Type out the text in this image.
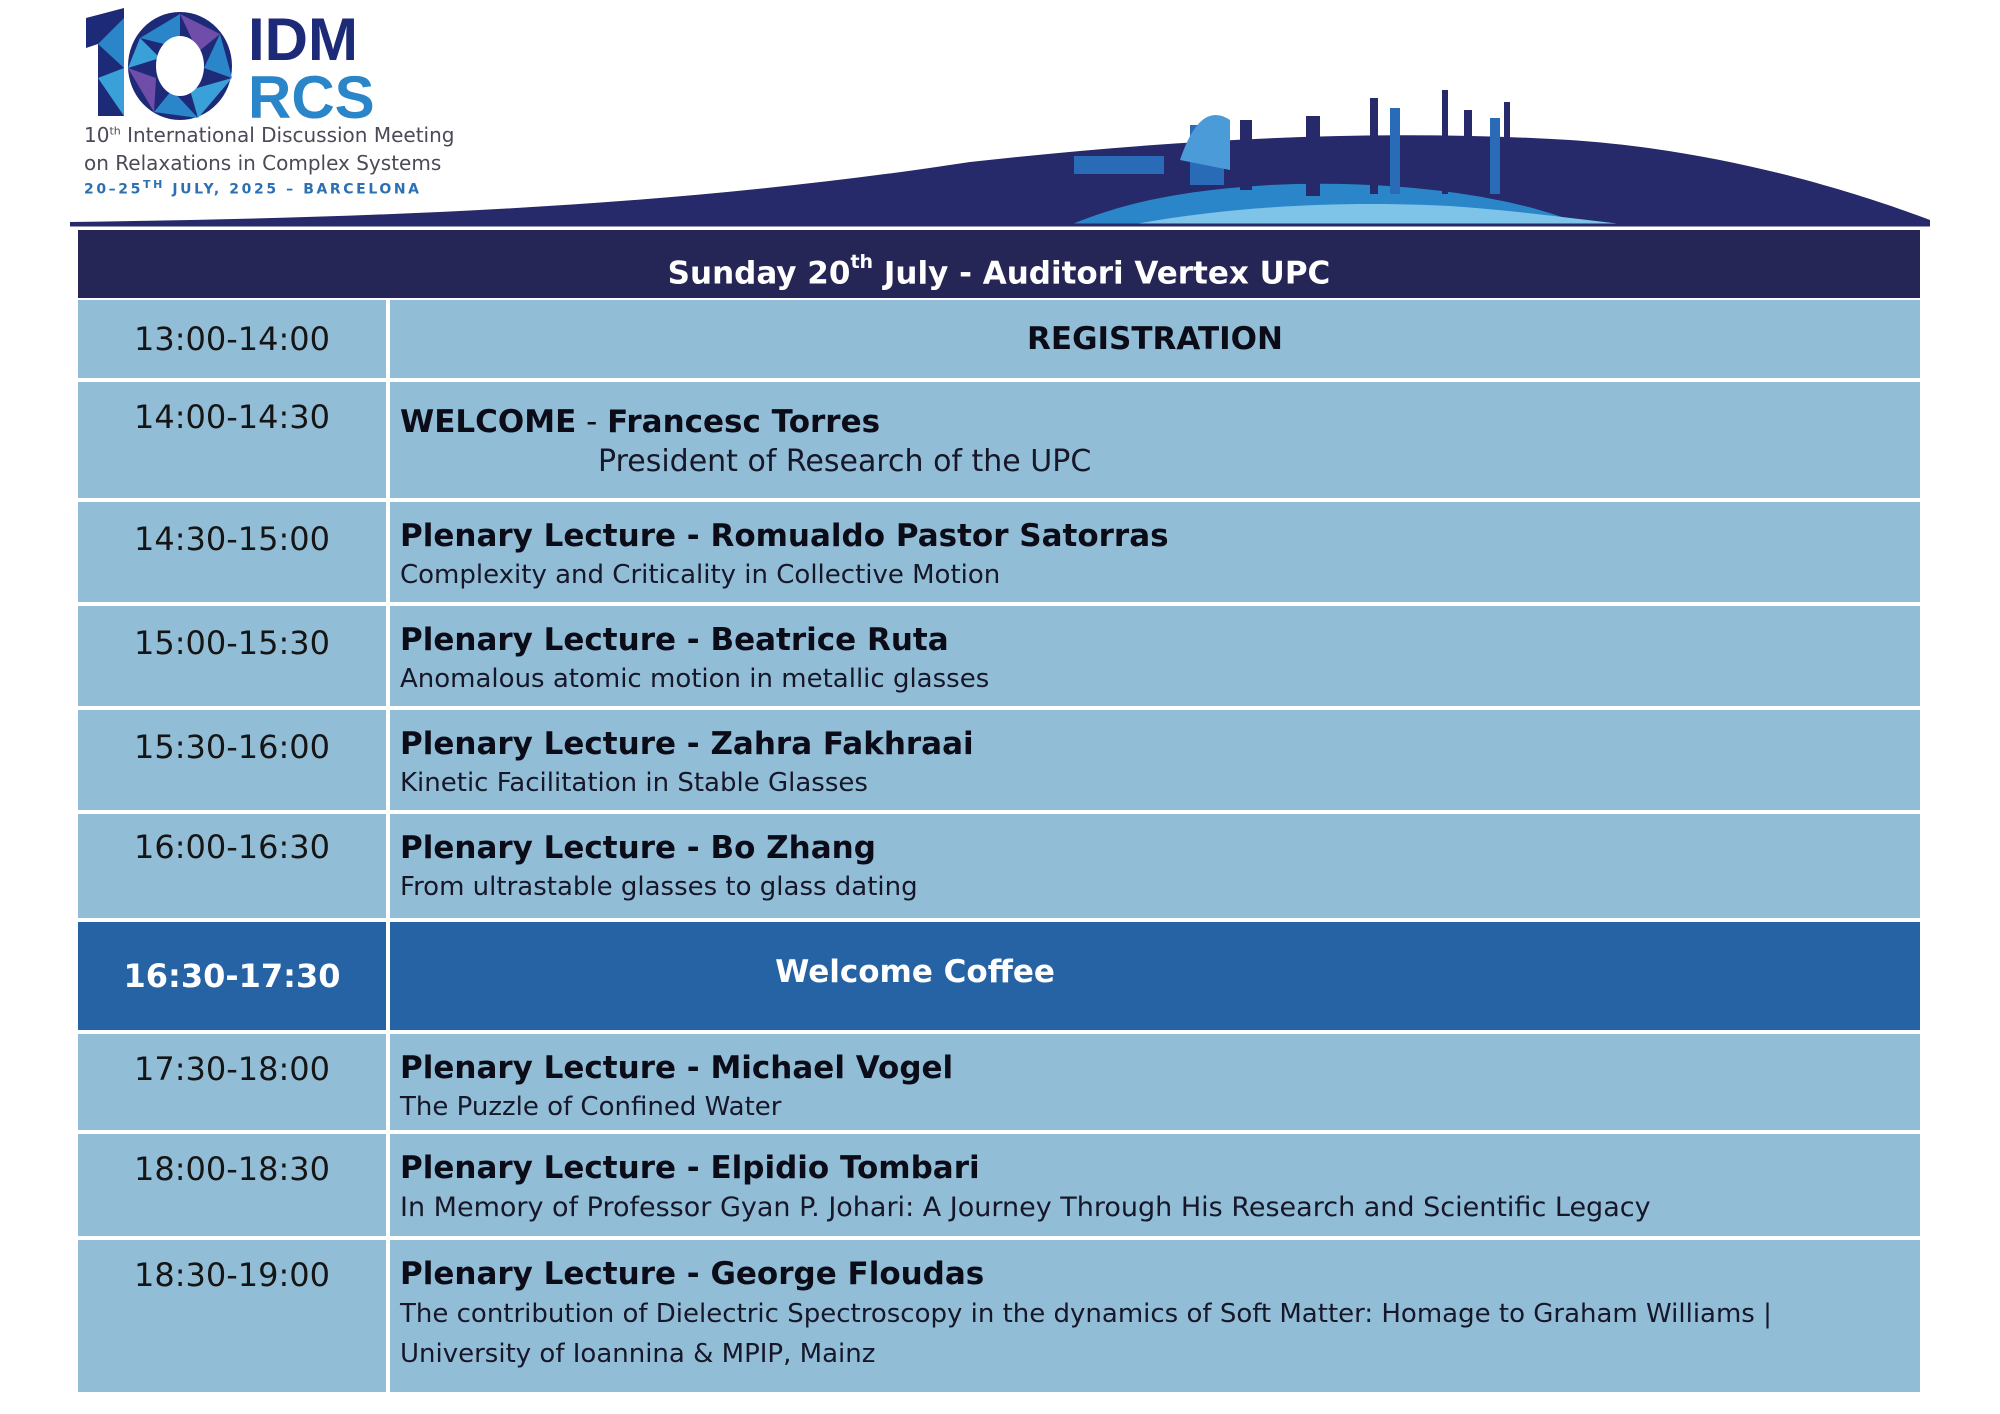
IDM
RCS
10th International Discussion Meeting
on Relaxations in Complex Systems
20–25TH JULY, 2025 – BARCELONA
Sunday 20th July - Auditori Vertex UPC
13:00-14:00	REGISTRATION
14:00-14:30	WELCOME - Francesc Torres
President of Research of the UPC
14:30-15:00	Plenary Lecture - Romualdo Pastor Satorras
Complexity and Criticality in Collective Motion
15:00-15:30	Plenary Lecture - Beatrice Ruta
Anomalous atomic motion in metallic glasses
15:30-16:00	Plenary Lecture - Zahra Fakhraai
Kinetic Facilitation in Stable Glasses
16:00-16:30	Plenary Lecture - Bo Zhang
From ultrastable glasses to glass dating
16:30-17:30	Welcome Coffee
17:30-18:00	Plenary Lecture - Michael Vogel
The Puzzle of Confined Water
18:00-18:30	Plenary Lecture - Elpidio Tombari
In Memory of Professor Gyan P. Johari: A Journey Through His Research and Scientific Legacy
18:30-19:00	Plenary Lecture - George Floudas
The contribution of Dielectric Spectroscopy in the dynamics of Soft Matter: Homage to Graham Williams | University of Ioannina & MPIP, Mainz
